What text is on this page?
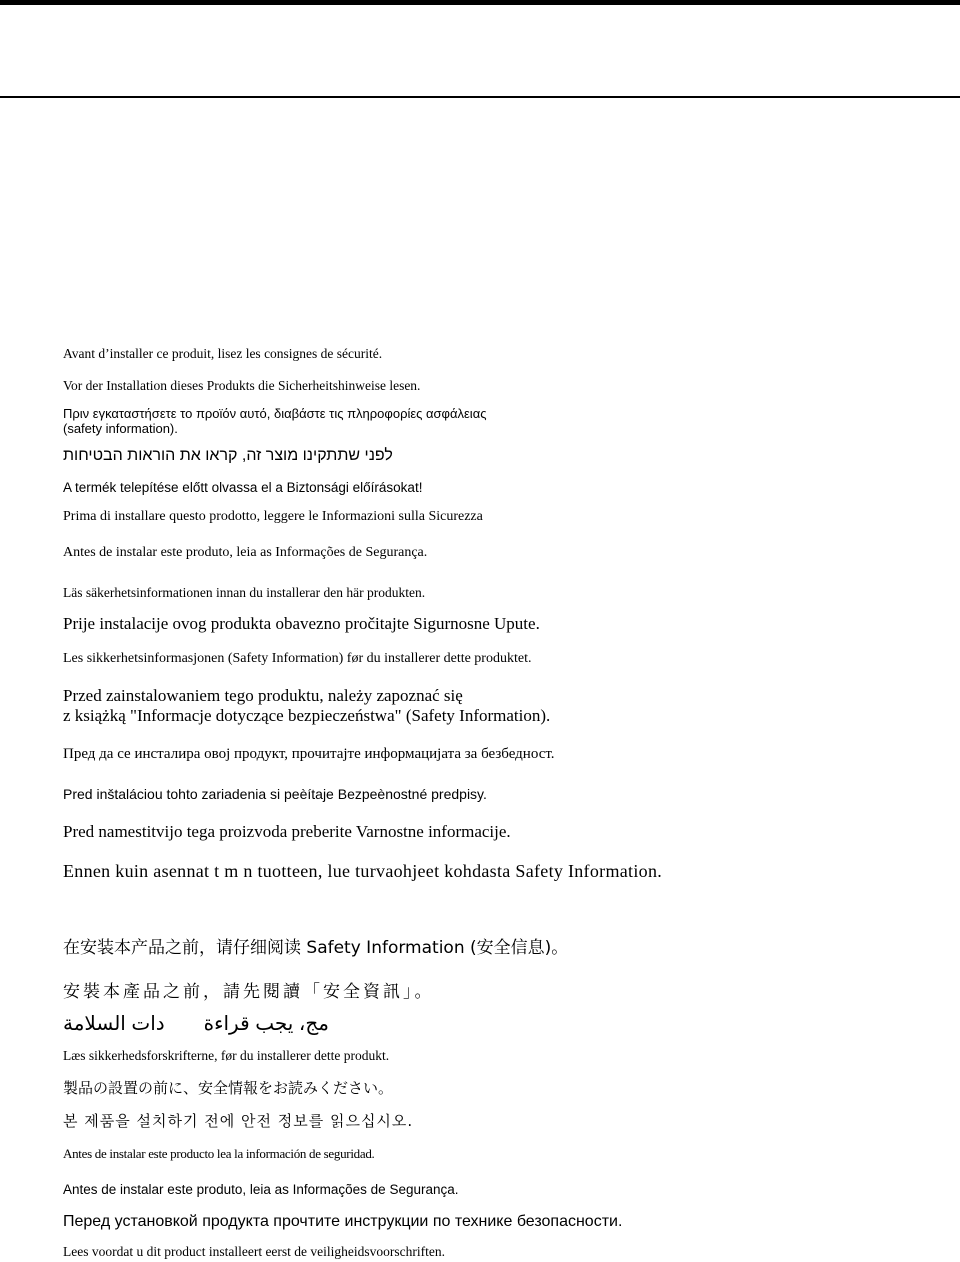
Avant d’installer ce produit, lisez les consignes de sécurité.
Vor der Installation dieses Produkts die Sicherheitshinweise lesen.
Πριν εγκαταστήσετε το προϊόν αυτό, διαβάστε τις πληροφορίες ασφάλειας
(safety information).
לפני שתתקינו מוצר זה, קראו את הוראות הבטיחות
A termék telepítése előtt olvassa el a Biztonsági előírásokat!
Prima di installare questo prodotto, leggere le Informazioni sulla Sicurezza
Antes de instalar este produto, leia as Informações de Segurança.
Läs säkerhetsinformationen innan du installerar den här produkten.
Prije instalacije ovog produkta obavezno pročitajte Sigurnosne Upute.
Les sikkerhetsinformasjonen (Safety Information) før du installerer dette produktet.
Przed zainstalowaniem tego produktu, należy zapoznać się
z książką "Informacje dotyczące bezpieczeństwa" (Safety Information).
Пред да се инсталира овој продукт, прочитајте информацијата за безбедност.
Pred inštaláciou tohto zariadenia si peèítaje Bezpeènostné predpisy.
Pred namestitvijo tega proizvoda preberite Varnostne informacije.
Ennen kuin asennat t m n tuotteen, lue turvaohjeet kohdasta Safety Information.
在安装本产品之前，请仔细阅读 Safety Information (安全信息)。
安裝本產品之前，請先閱讀「安全資訊」。
مج، يجب قراءة       دات السلامة
Læs sikkerhedsforskrifterne, før du installerer dette produkt.
製品の設置の前に、安全情報をお読みください。
본 제품을 설치하기 전에 안전 정보를 읽으십시오.
Antes de instalar este producto lea la información de seguridad.
Antes de instalar este produto, leia as Informações de Segurança.
Перед установкой продукта прочтите инструкции по технике безопасности.
Lees voordat u dit product installeert eerst de veiligheidsvoorschriften.
